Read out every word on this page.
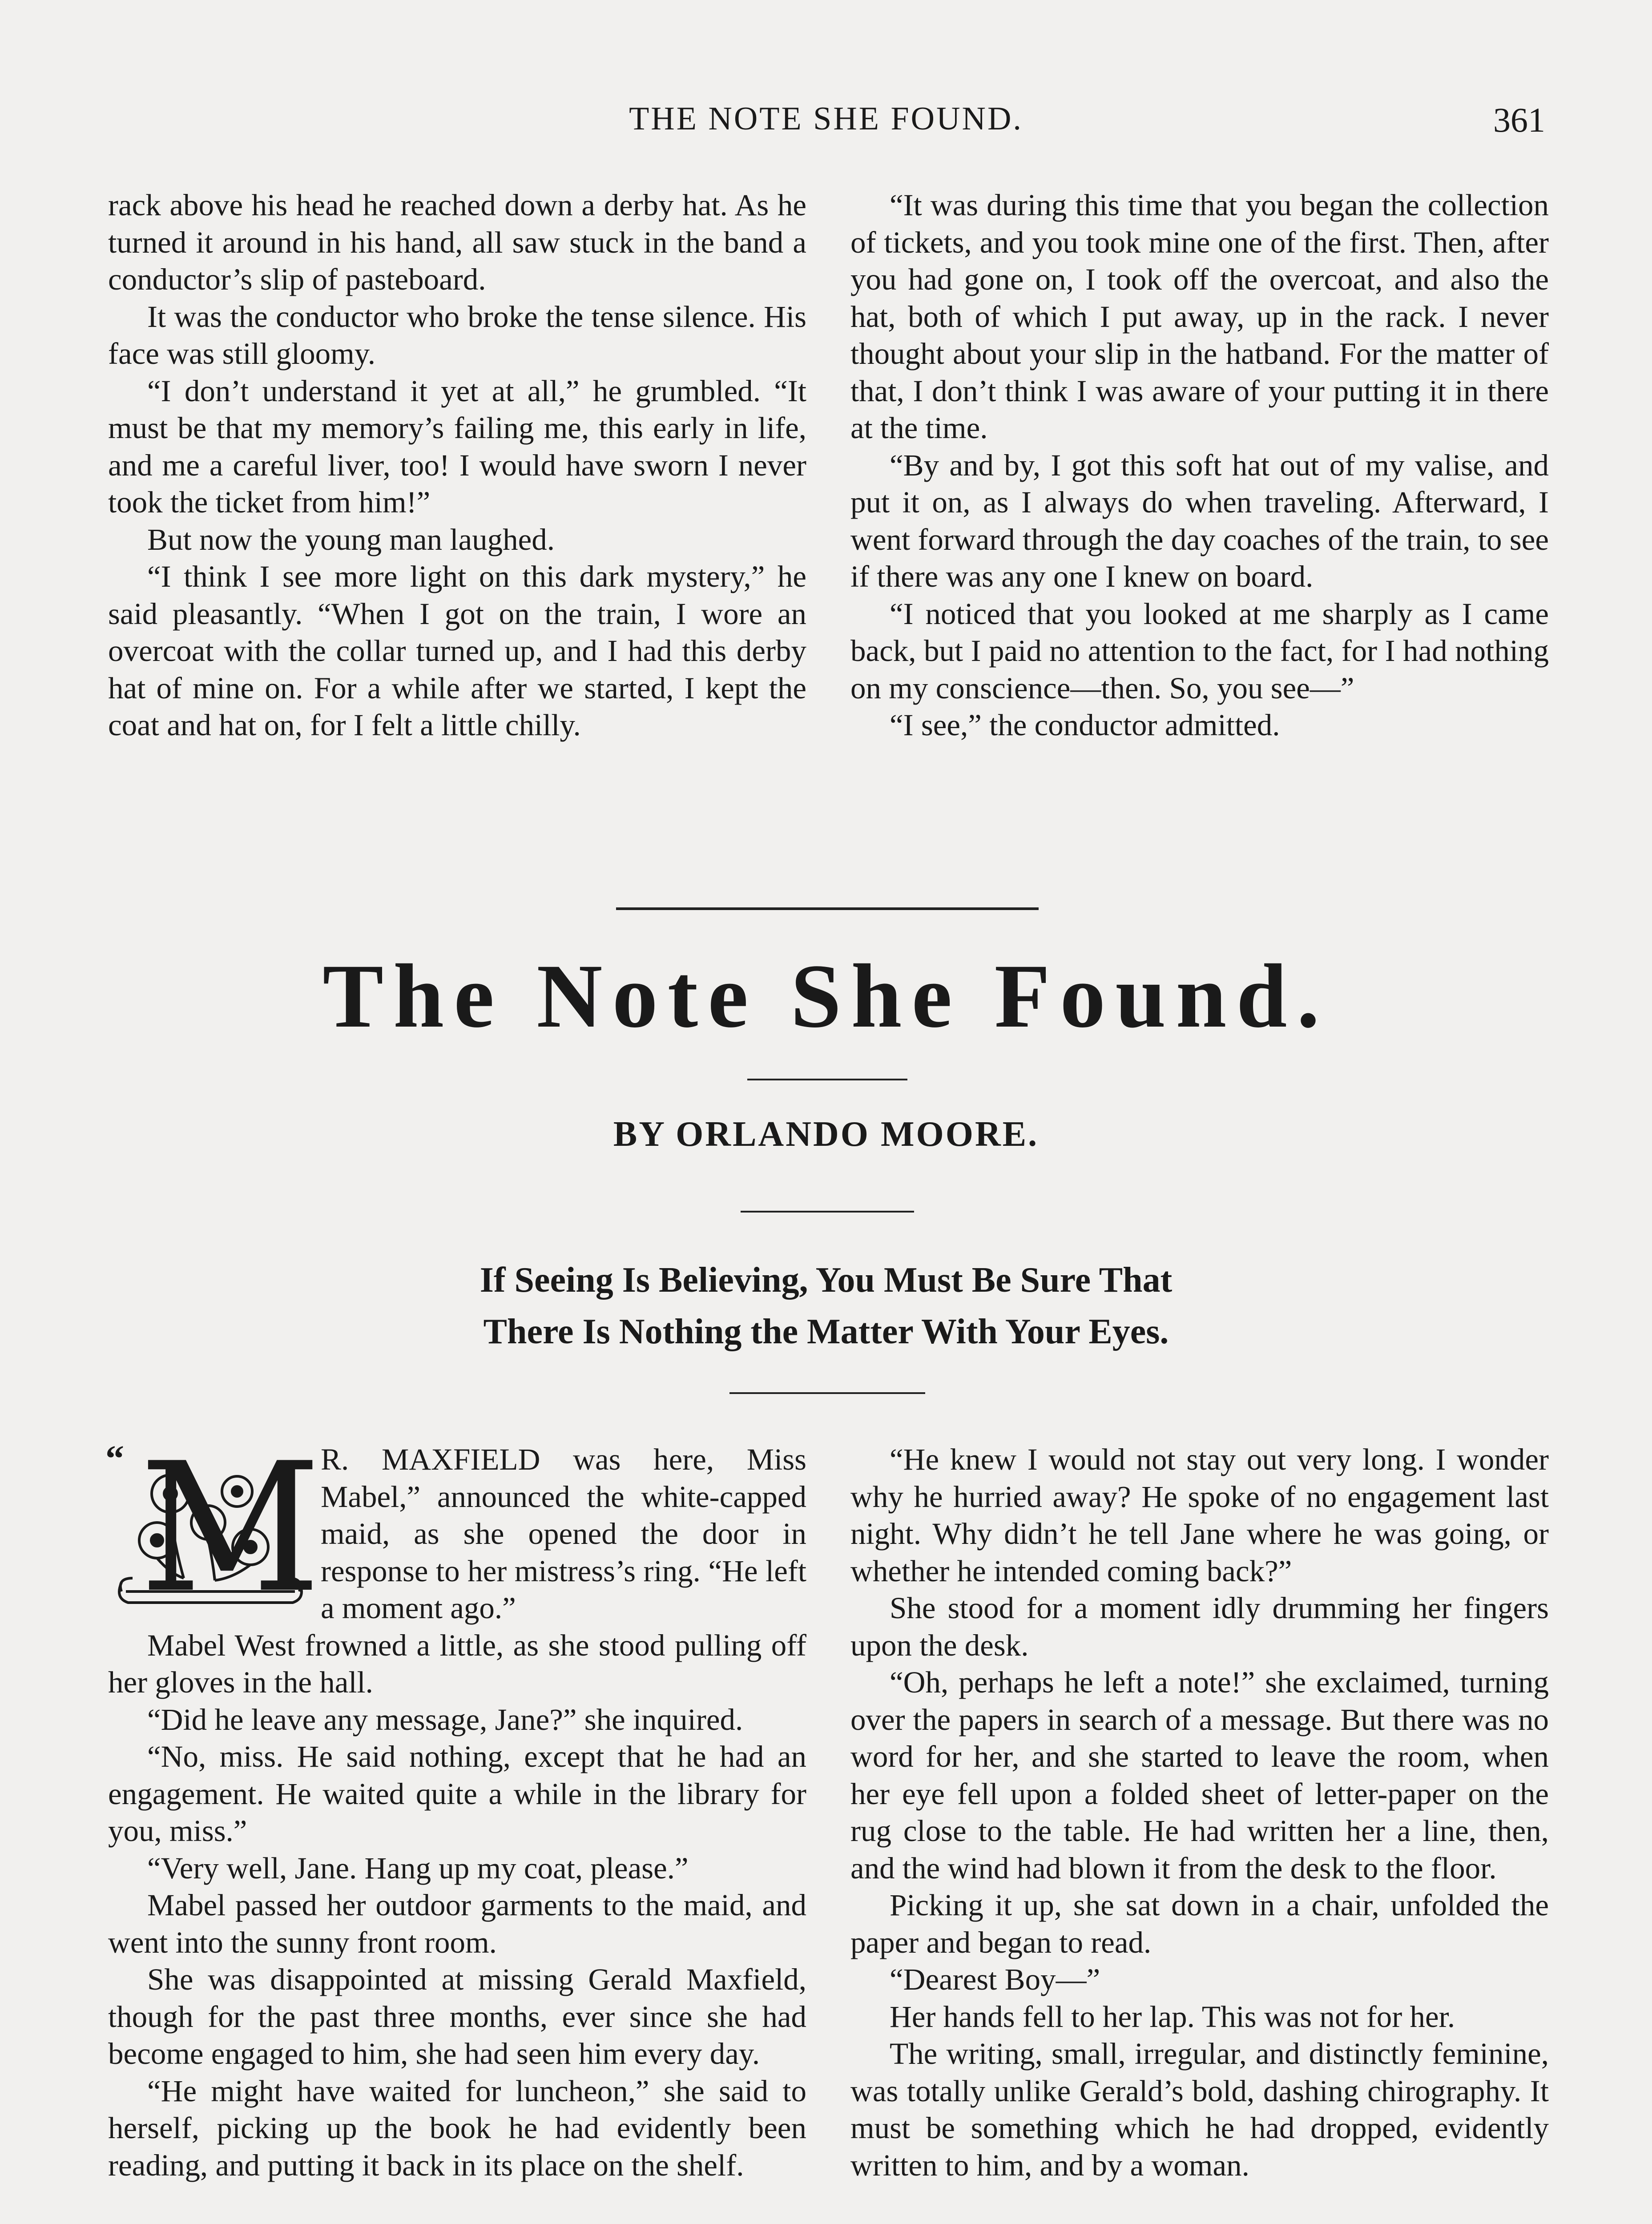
THE NOTE SHE FOUND.	361

rack above his head he reached down a derby hat. As he turned it around in his hand, all saw stuck in the band a conductor’s slip of pasteboard.

It was the conductor who broke the tense silence. His face was still gloomy.

“I don’t understand it yet at all,” he grumbled. “It must be that my memory’s failing me, this early in life, and me a careful liver, too! I would have sworn I never took the ticket from him!”

But now the young man laughed.

“I think I see more light on this dark mystery,” he said pleasantly. “When I got on the train, I wore an overcoat with the collar turned up, and I had this derby hat of mine on. For a while after we started, I kept the coat and hat on, for I felt a little chilly.

“It was during this time that you began the collection of tickets, and you took mine one of the first. Then, after you had gone on, I took off the overcoat, and also the hat, both of which I put away, up in the rack. I never thought about your slip in the hatband. For the matter of that, I don’t think I was aware of your putting it in there at the time.

“By and by, I got this soft hat out of my valise, and put it on, as I always do when traveling. Afterward, I went forward through the day coaches of the train, to see if there was any one I knew on board.

“I noticed that you looked at me sharply as I came back, but I paid no attention to the fact, for I had nothing on my conscience—then. So, you see—”

“I see,” the conductor admitted.

The Note She Found.
BY ORLANDO MOORE.
If Seeing Is Believing, You Must Be Sure That
There Is Nothing the Matter With Your Eyes.
M
“	R. MAXFIELD was here, Miss Mabel,” announced the white-capped maid, as she opened the door in response to her mistress’s ring. “He left a moment ago.”

Mabel West frowned a little, as she stood pulling off her gloves in the hall.

“Did he leave any message, Jane?” she inquired.

“No, miss. He said nothing, except that he had an engagement. He waited quite a while in the library for you, miss.”

“Very well, Jane. Hang up my coat, please.”

Mabel passed her outdoor garments to the maid, and went into the sunny front room.

She was disappointed at missing Gerald Maxfield, though for the past three months, ever since she had become engaged to him, she had seen him every day.

“He might have waited for luncheon,” she said to herself, picking up the book he had evidently been reading, and putting it back in its place on the shelf.

“He knew I would not stay out very long. I wonder why he hurried away? He spoke of no engagement last night. Why didn’t he tell Jane where he was going, or whether he intended coming back?”

She stood for a moment idly drumming her fingers upon the desk.

“Oh, perhaps he left a note!” she exclaimed, turning over the papers in search of a message. But there was no word for her, and she started to leave the room, when her eye fell upon a folded sheet of letter-paper on the rug close to the table. He had written her a line, then, and the wind had blown it from the desk to the floor.

Picking it up, she sat down in a chair, unfolded the paper and began to read.

“Dearest Boy—”

Her hands fell to her lap. This was not for her.

The writing, small, irregular, and distinctly feminine, was totally unlike Gerald’s bold, dashing chirography. It must be something which he had dropped, evidently written to him, and by a woman.
